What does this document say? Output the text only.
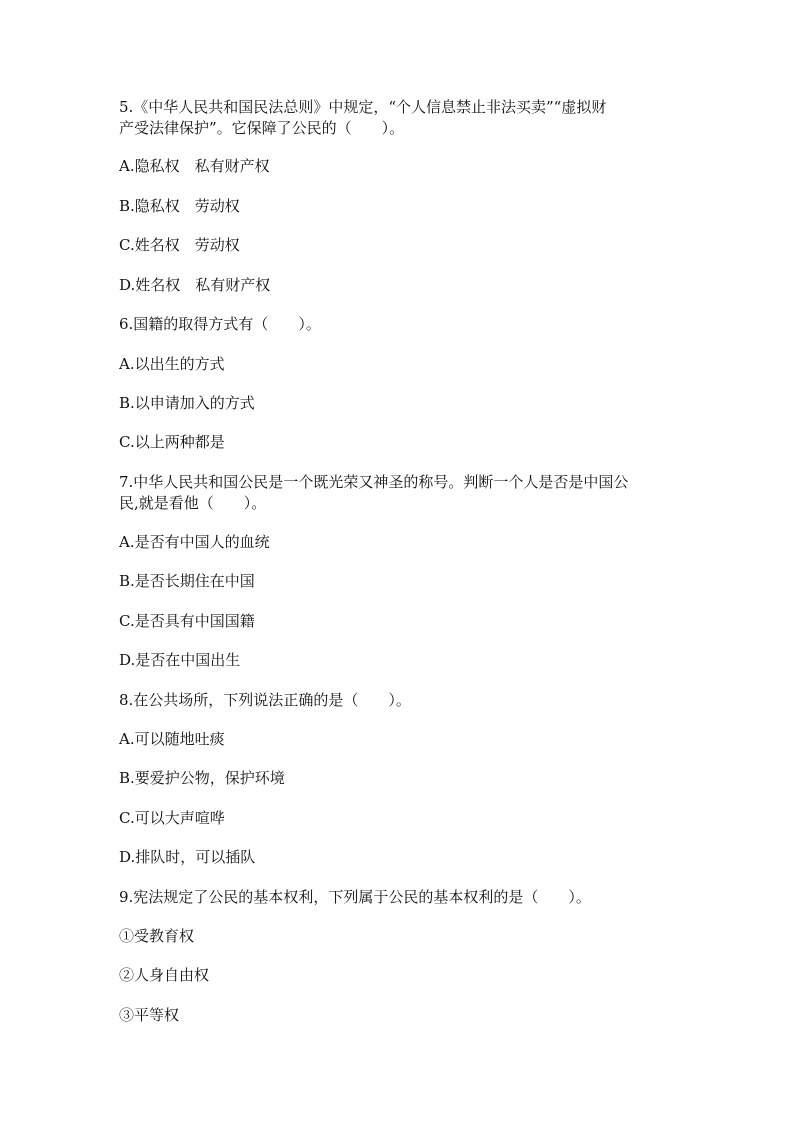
5.《中华人民共和国民法总则》中规定，“个人信息禁止非法买卖”“虚拟财
产受法律保护”。它保障了公民的（　　）。
A.隐私权　私有财产权
B.隐私权　劳动权
C.姓名权　劳动权
D.姓名权　私有财产权
6.国籍的取得方式有（　　）。
A.以出生的方式
B.以申请加入的方式
C.以上两种都是
7.中华人民共和国公民是一个既光荣又神圣的称号。判断一个人是否是中国公
民,就是看他（　　）。
A.是否有中国人的血统
B.是否长期住在中国
C.是否具有中国国籍
D.是否在中国出生
8.在公共场所，下列说法正确的是（　　）。
A.可以随地吐痰
B.要爱护公物，保护环境
C.可以大声喧哗
D.排队时，可以插队
9.宪法规定了公民的基本权利，下列属于公民的基本权利的是（　　）。
①受教育权
②人身自由权
③平等权
